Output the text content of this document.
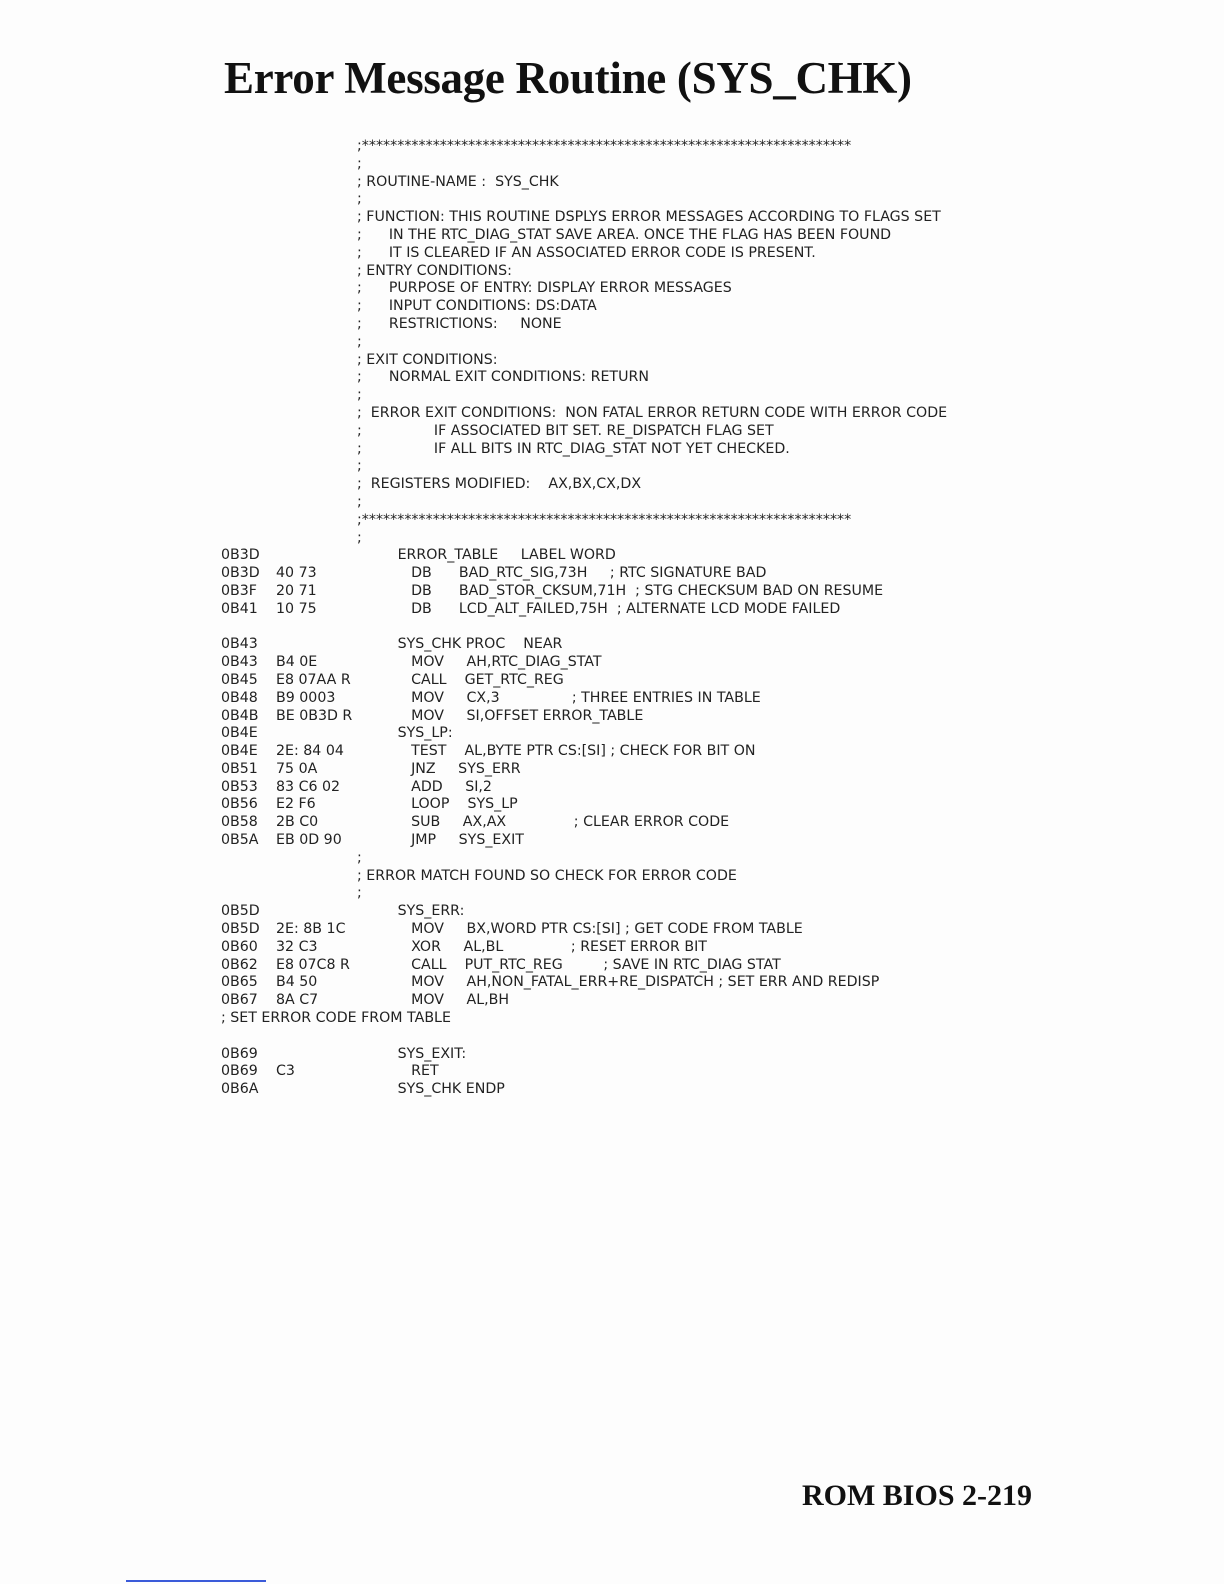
Error Message Routine (SYS_CHK)
;*********************************************************************
;
; ROUTINE-NAME :  SYS_CHK
;
; FUNCTION: THIS ROUTINE DSPLYS ERROR MESSAGES ACCORDING TO FLAGS SET
;      IN THE RTC_DIAG_STAT SAVE AREA. ONCE THE FLAG HAS BEEN FOUND
;      IT IS CLEARED IF AN ASSOCIATED ERROR CODE IS PRESENT.
; ENTRY CONDITIONS:
;      PURPOSE OF ENTRY: DISPLAY ERROR MESSAGES
;      INPUT CONDITIONS: DS:DATA
;      RESTRICTIONS:     NONE
;
; EXIT CONDITIONS:
;      NORMAL EXIT CONDITIONS: RETURN
;
;  ERROR EXIT CONDITIONS:  NON FATAL ERROR RETURN CODE WITH ERROR CODE
;                IF ASSOCIATED BIT SET. RE_DISPATCH FLAG SET
;                IF ALL BITS IN RTC_DIAG_STAT NOT YET CHECKED.
;
;  REGISTERS MODIFIED:    AX,BX,CX,DX
;
;*********************************************************************
;
0B3D	ERROR_TABLE     LABEL WORD
0B3D 40 73	DB      BAD_RTC_SIG,73H     ; RTC SIGNATURE BAD
0B3F 20 71	DB      BAD_STOR_CKSUM,71H  ; STG CHECKSUM BAD ON RESUME
0B41 10 75	DB      LCD_ALT_FAILED,75H  ; ALTERNATE LCD MODE FAILED
0B43	SYS_CHK PROC    NEAR
0B43 B4 0E	MOV     AH,RTC_DIAG_STAT
0B45 E8 07AA R CALL    GET_RTC_REG
0B48 B9 0003 MOV     CX,3                ; THREE ENTRIES IN TABLE
0B4B BE 0B3D R MOV     SI,OFFSET ERROR_TABLE
0B4E	SYS_LP:
0B4E 2E: 84 04 TEST    AL,BYTE PTR CS:[SI] ; CHECK FOR BIT ON
0B51 75 0A	JNZ     SYS_ERR
0B53 83 C6 02 ADD     SI,2
0B56 E2 F6	LOOP    SYS_LP
0B58 2B C0	SUB     AX,AX               ; CLEAR ERROR CODE
0B5A EB 0D 90 JMP     SYS_EXIT
;
; ERROR MATCH FOUND SO CHECK FOR ERROR CODE
;
0B5D	SYS_ERR:
0B5D 2E: 8B 1C MOV     BX,WORD PTR CS:[SI] ; GET CODE FROM TABLE
0B60 32 C3	XOR     AL,BL               ; RESET ERROR BIT
0B62 E8 07C8 R CALL    PUT_RTC_REG         ; SAVE IN RTC_DIAG STAT
0B65 B4 50	MOV     AH,NON_FATAL_ERR+RE_DISPATCH ; SET ERR AND REDISP
0B67 8A C7	MOV     AL,BH
; SET ERROR CODE FROM TABLE
0B69	SYS_EXIT:
0B69 C3	RET
0B6A	SYS_CHK ENDP
ROM BIOS 2-219
